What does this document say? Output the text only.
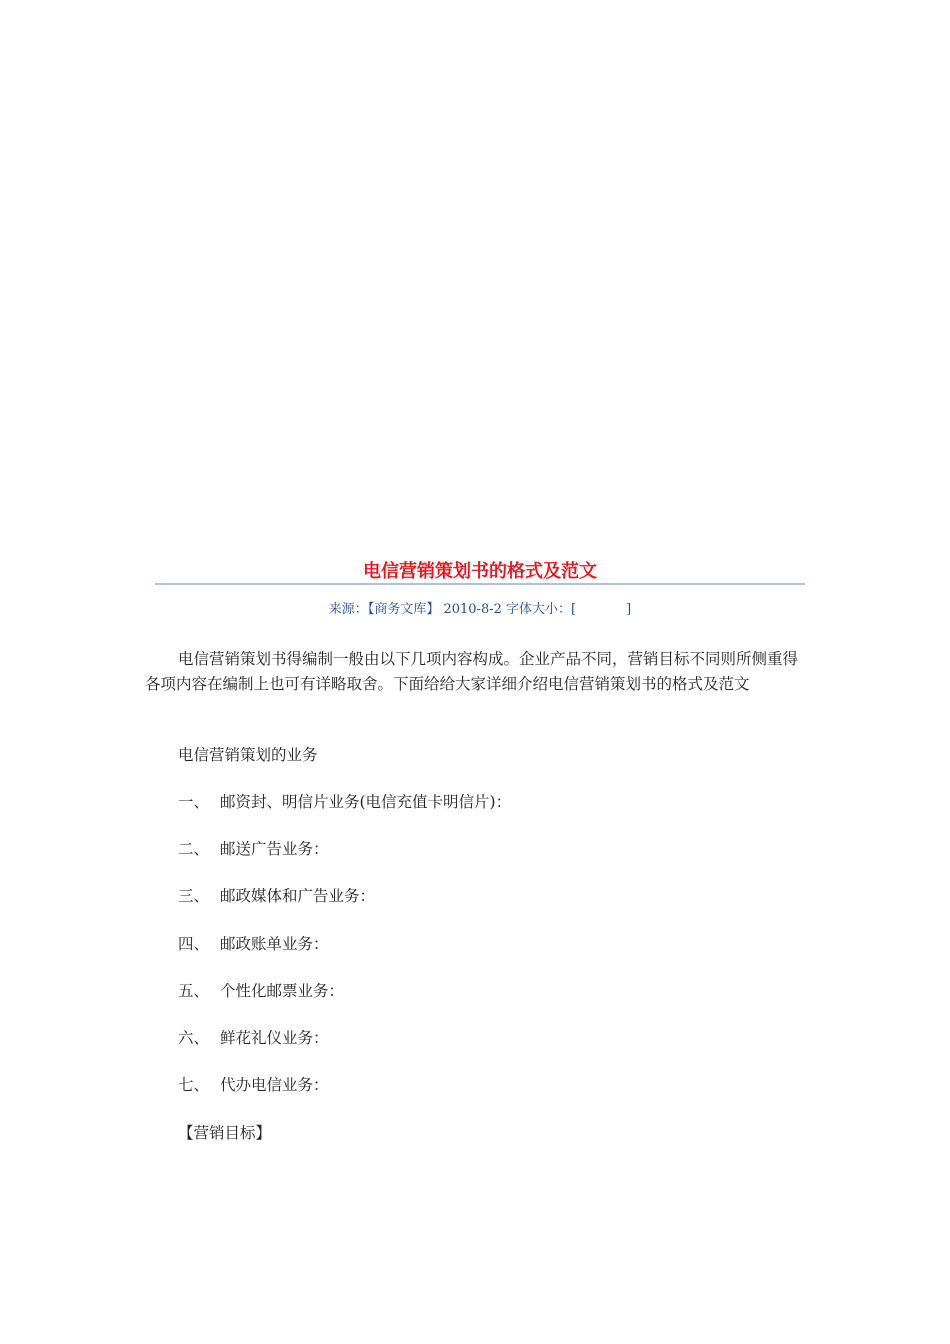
电信营销策划书的格式及范文
来源：【商务文库】 2010-8-2 字体大小：[	]

电信营销策划书得编制一般由以下几项内容构成。企业产品不同，营销目标不同则所侧重得各项内容在编制上也可有详略取舍。下面给给大家详细介绍电信营销策划书的格式及范文

电信营销策划的业务
一、 邮资封、明信片业务(电信充值卡明信片)：
二、 邮送广告业务：
三、 邮政媒体和广告业务：
四、 邮政账单业务：
五、 个性化邮票业务：
六、 鲜花礼仪业务：
七、 代办电信业务：
【营销目标】
